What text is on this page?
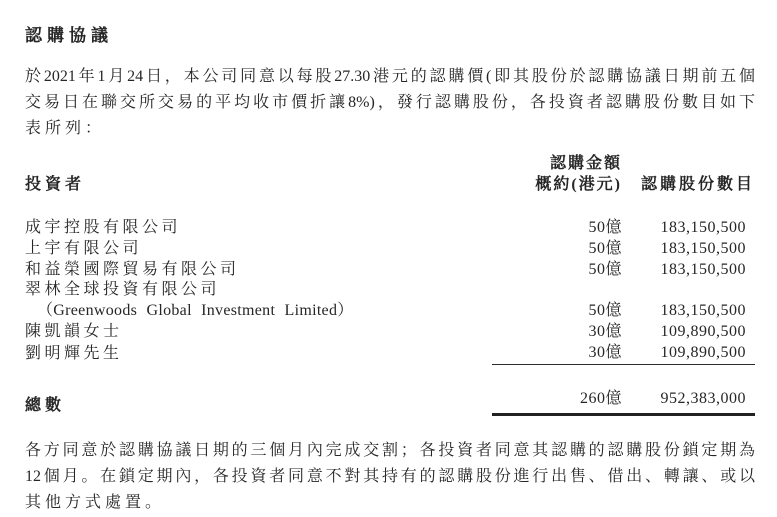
認購協議
於2021年1月24日，本公司同意以每股27.30港元的認購價(即其股份於認購協議日期前五個
交易日在聯交所交易的平均收市價折讓8%)，發行認購股份，各投資者認購股份數目如下
表所列：
投資者
認購金額
概約(港元)	認購股份數目
成宇控股有限公司	50億	183,150,500
上宇有限公司	50億	183,150,500
和益榮國際貿易有限公司	50億	183,150,500
翠林全球投資有限公司
（Greenwoods Global Investment Limited）	50億	183,150,500
陳凱韻女士	30億	109,890,500
劉明輝先生	30億	109,890,500
總數	260億	952,383,000
各方同意於認購協議日期的三個月內完成交割；各投資者同意其認購的認購股份鎖定期為
12個月。在鎖定期內，各投資者同意不對其持有的認購股份進行出售、借出、轉讓、或以
其他方式處置。
